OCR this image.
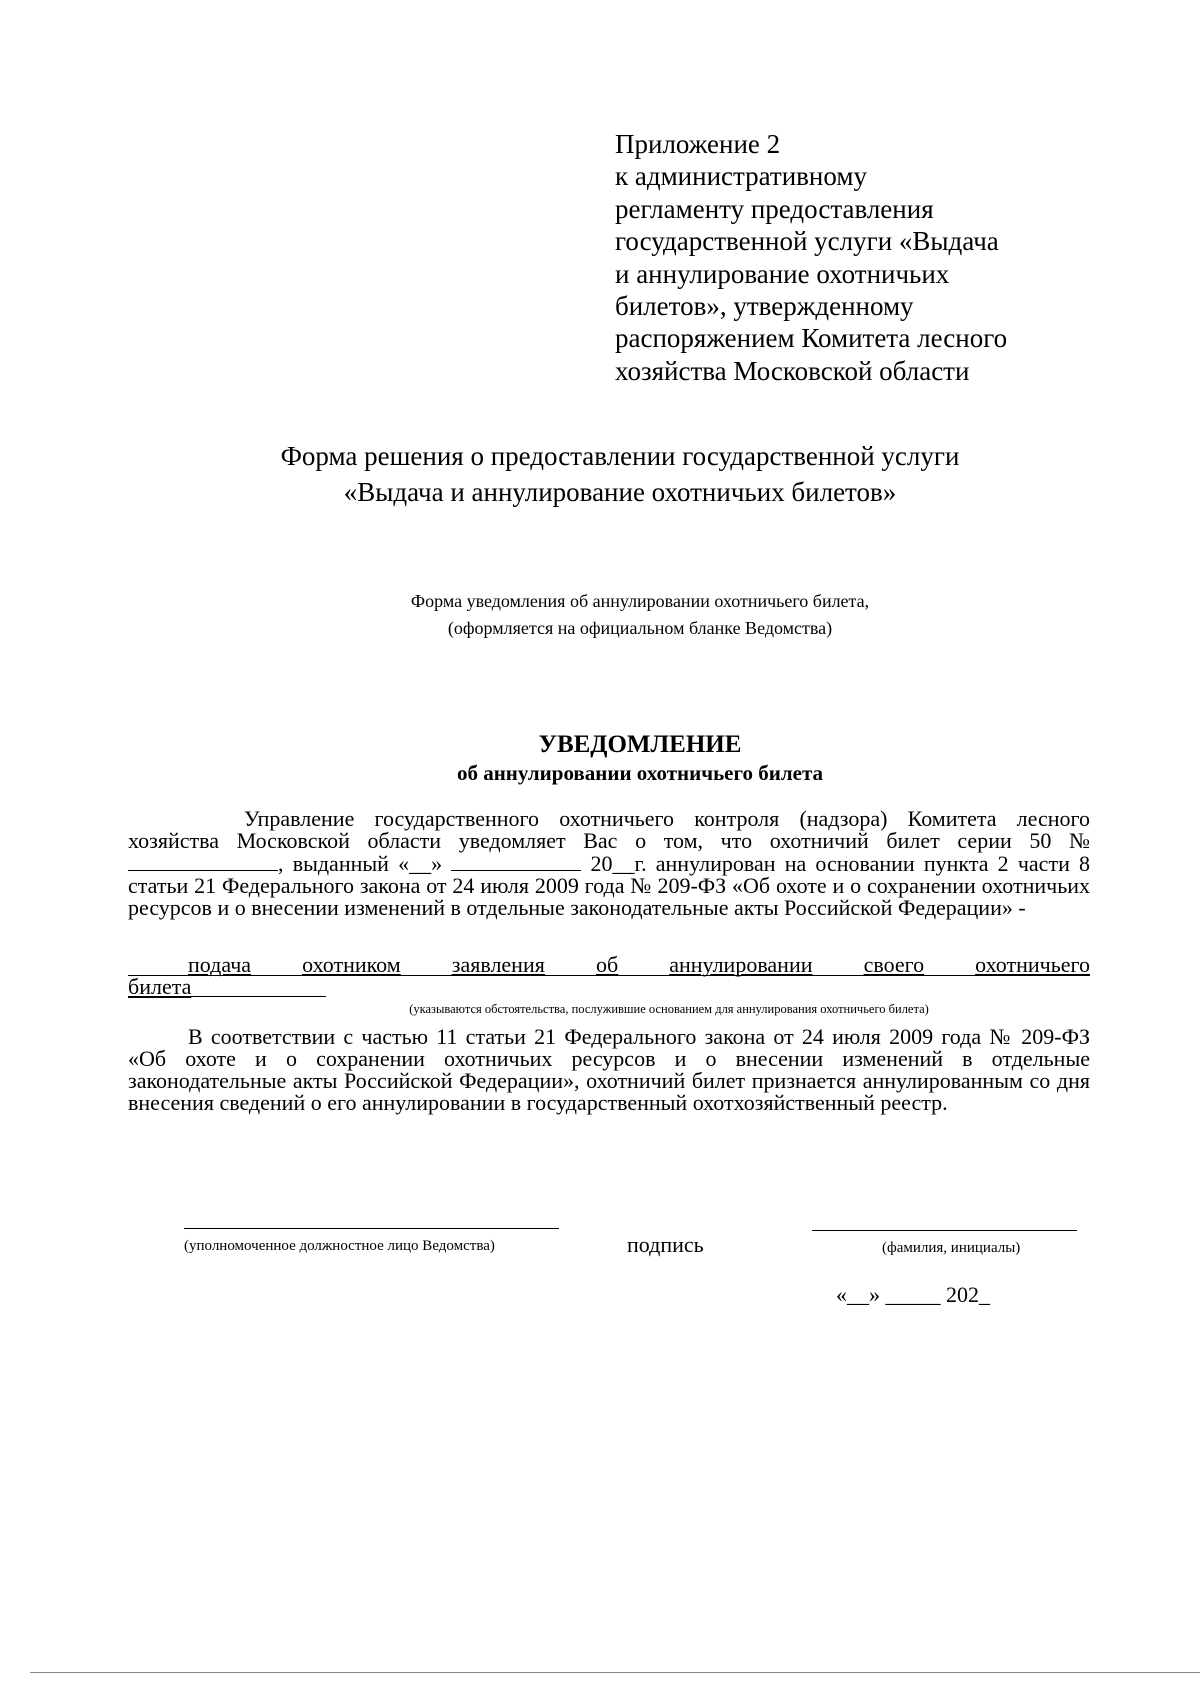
Приложение 2
к административному
регламенту предоставления
государственной услуги «Выдача
и аннулирование охотничьих
билетов», утвержденному
распоряжением Комитета лесного
хозяйства Московской области
Форма решения о предоставлении государственной услуги
«Выдача и аннулирование охотничьих билетов»
Форма уведомления об аннулировании охотничьего билета,
(оформляется на официальном бланке Ведомства)
УВЕДОМЛЕНИЕ
об аннулировании охотничьего билета
Управление государственного охотничьего контроля (надзора) Комитета лесного хозяйства Московской области уведомляет Вас о том, что охотничий билет серии 50 № , выданный «__»	20__г. аннулирован на основании пункта 2 части 8 статьи 21 Федерального закона от 24 июля 2009 года № 209-ФЗ «Об охоте и о сохранении охотничьих ресурсов и о внесении изменений в отдельные законодательные акты Российской Федерации» -
подача охотником заявления об аннулировании своего охотничьего
билета
(указываются обстоятельства, послужившие основанием для аннулирования охотничьего билета)
В соответствии с частью 11 статьи 21 Федерального закона от 24 июля 2009 года № 209-ФЗ «Об охоте и о сохранении охотничьих ресурсов и о внесении изменений в отдельные законодательные акты Российской Федерации», охотничий билет признается аннулированным со дня внесения сведений о его аннулировании в государственный охотхозяйственный реестр.
(уполномоченное должностное лицо Ведомства)	подпись	(фамилия, инициалы)
«__» _____ 202_
